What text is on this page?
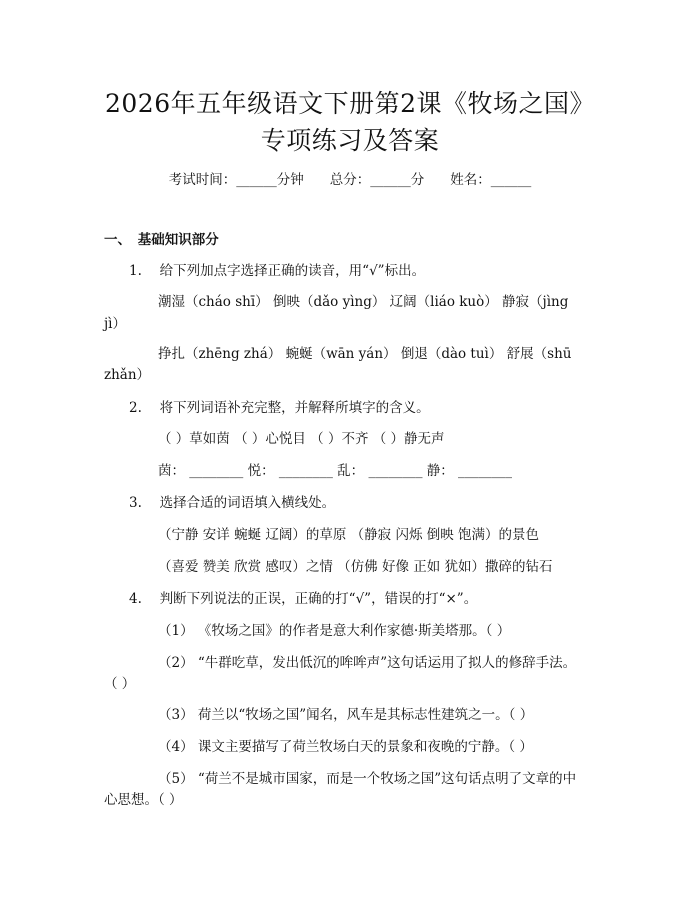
2026年五年级语文下册第2课《牧场之国》
专项练习及答案
考试时间：______分钟 总分：______分 姓名：______
一、　基础知识部分
1.　 给下列加点字选择正确的读音，用“√”标出。
潮湿（cháo shī） 倒映（dǎo yìng） 辽阔（liáo kuò） 静寂（jìng
jì）
挣扎（zhēng zhá） 蜿蜒（wān yán） 倒退（dào tuì） 舒展（shū
zhǎn）
2.　 将下列词语补充完整，并解释所填字的含义。
（ ）草如茵 （ ）心悦目 （ ）不齐 （ ）静无声
茵： ________ 悦： ________ 乱： ________ 静： ________
3.　 选择合适的词语填入横线处。
（宁静 安详 蜿蜒 辽阔）的草原 （静寂 闪烁 倒映 饱满）的景色
（喜爱 赞美 欣赏 感叹）之情 （仿佛 好像 正如 犹如）撒碎的钻石
4.　 判断下列说法的正误，正确的打“√”，错误的打“×”。
（1） 《牧场之国》的作者是意大利作家德·斯美塔那。（ ）
（2） “牛群吃草，发出低沉的哞哞声”这句话运用了拟人的修辞手法。
（ ）
（3） 荷兰以“牧场之国”闻名，风车是其标志性建筑之一。（ ）
（4） 课文主要描写了荷兰牧场白天的景象和夜晚的宁静。（ ）
（5） “荷兰不是城市国家，而是一个牧场之国”这句话点明了文章的中
心思想。（ ）
